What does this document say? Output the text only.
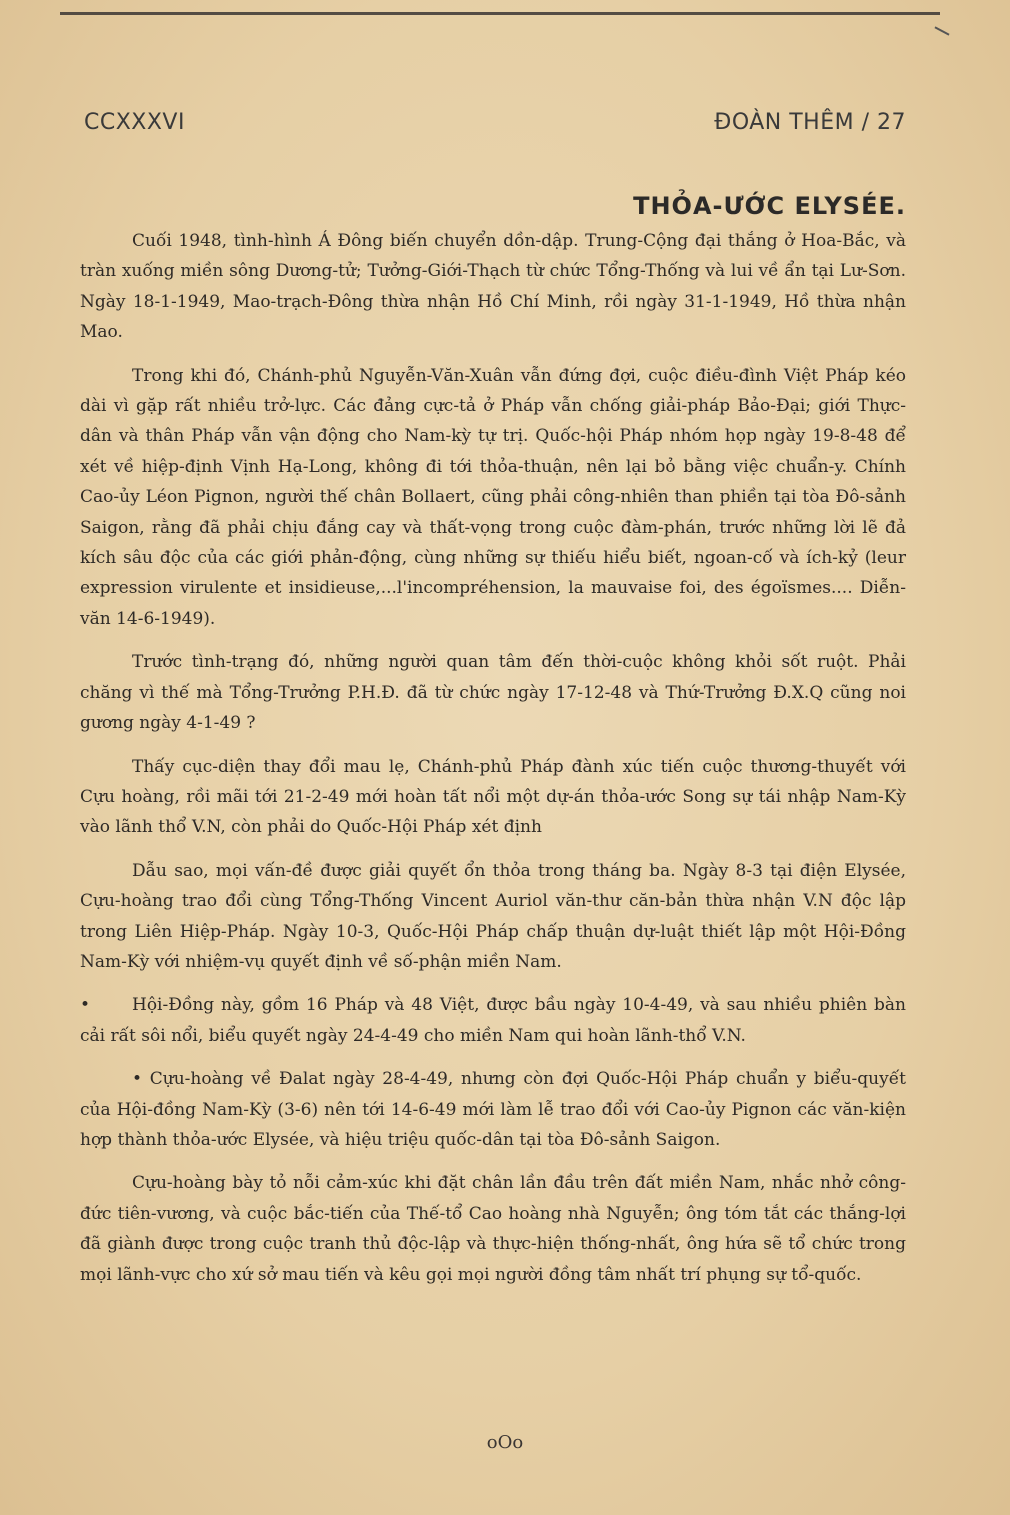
CCXXXVI	ĐOÀN THÊM / 27
THỎA-ƯỚC ELYSÉE.

Cuối 1948, tình-hình Á Đông biến chuyển dồn-dập. Trung-Cộng đại thắng ở Hoa-Bắc, và tràn xuống miền sông Dương-tử; Tưởng-Giới-Thạch từ chức Tổng-Thống và lui về ẩn tại Lư-Sơn. Ngày 18-1-1949, Mao-trạch-Đông thừa nhận Hồ Chí Minh, rồi ngày 31-1-1949, Hồ thừa nhận Mao.

Trong khi đó, Chánh-phủ Nguyễn-Văn-Xuân vẫn đứng đợi, cuộc điều-đình Việt Pháp kéo dài vì gặp rất nhiều trở-lực. Các đảng cực-tả ở Pháp vẫn chống giải-pháp Bảo-Đại; giới Thực-dân và thân Pháp vẫn vận động cho Nam-kỳ tự trị. Quốc-hội Pháp nhóm họp ngày 19-8-48 để xét về hiệp-định Vịnh Hạ-Long, không đi tới thỏa-thuận, nên lại bỏ bằng việc chuẩn-y. Chính Cao-ủy Léon Pignon, người thế chân Bollaert, cũng phải công-nhiên than phiền tại tòa Đô-sảnh Saigon, rằng đã phải chịu đắng cay và thất-vọng trong cuộc đàm-phán, trước những lời lẽ đả kích sâu độc của các giới phản-động, cùng những sự thiếu hiểu biết, ngoan-cố và ích-kỷ (leur expression virulente et insidieuse,...l'incompréhension, la mauvaise foi, des égoïsmes.... Diễn-văn 14-6-1949).

Trước tình-trạng đó, những người quan tâm đến thời-cuộc không khỏi sốt ruột. Phải chăng vì thế mà Tổng-Trưởng P.H.Đ. đã từ chức ngày 17-12-48 và Thứ-Trưởng Đ.X.Q cũng noi gương ngày 4-1-49 ?

Thấy cục-diện thay đổi mau lẹ, Chánh-phủ Pháp đành xúc tiến cuộc thương-thuyết với Cựu hoàng, rồi mãi tới 21-2-49 mới hoàn tất nổi một dự-án thỏa-ước Song sự tái nhập Nam-Kỳ vào lãnh thổ V.N, còn phải do Quốc-Hội Pháp xét định

Dẫu sao, mọi vấn-đề được giải quyết ổn thỏa trong tháng ba. Ngày 8-3 tại điện Elysée, Cựu-hoàng trao đổi cùng Tổng-Thống Vincent Auriol văn-thư căn-bản thừa nhận V.N độc lập trong Liên Hiệp-Pháp. Ngày 10-3, Quốc-Hội Pháp chấp thuận dự-luật thiết lập một Hội-Đồng Nam-Kỳ với nhiệm-vụ quyết định về số-phận miền Nam.

• Hội-Đồng này, gồm 16 Pháp và 48 Việt, được bầu ngày 10-4-49, và sau nhiều phiên bàn cải rất sôi nổi, biểu quyết ngày 24-4-49 cho miền Nam qui hoàn lãnh-thổ V.N.

• Cựu-hoàng về Đalat ngày 28-4-49, nhưng còn đợi Quốc-Hội Pháp chuẩn y biểu-quyết của Hội-đồng Nam-Kỳ (3-6) nên tới 14-6-49 mới làm lễ trao đổi với Cao-ủy Pignon các văn-kiện hợp thành thỏa-ước Elysée, và hiệu triệu quốc-dân tại tòa Đô-sảnh Saigon.

Cựu-hoàng bày tỏ nỗi cảm-xúc khi đặt chân lần đầu trên đất miền Nam, nhắc nhở công-đức tiên-vương, và cuộc bắc-tiến của Thế-tổ Cao hoàng nhà Nguyễn; ông tóm tắt các thắng-lợi đã giành được trong cuộc tranh thủ độc-lập và thực-hiện thống-nhất, ông hứa sẽ tổ chức trong mọi lãnh-vực cho xứ sở mau tiến và kêu gọi mọi người đồng tâm nhất trí phụng sự tổ-quốc.

oOo
